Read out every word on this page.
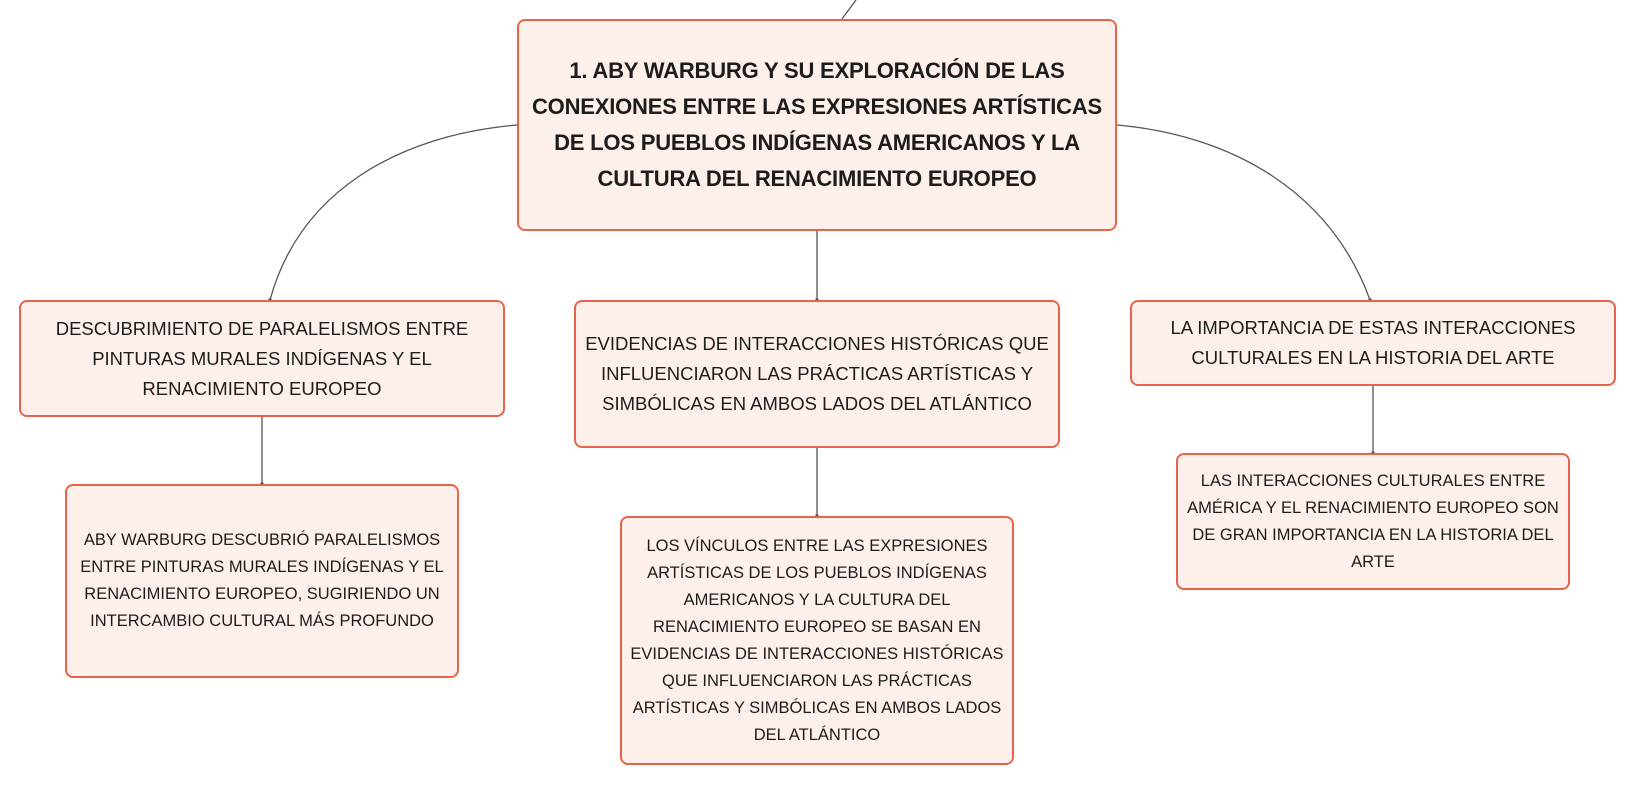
1. ABY WARBURG Y SU EXPLORACIÓN DE LAS CONEXIONES ENTRE LAS EXPRESIONES ARTÍSTICAS DE LOS PUEBLOS INDÍGENAS AMERICANOS Y LA CULTURA DEL RENACIMIENTO EUROPEO
DESCUBRIMIENTO DE PARALELISMOS ENTRE PINTURAS MURALES INDÍGENAS Y EL RENACIMIENTO EUROPEO
EVIDENCIAS DE INTERACCIONES HISTÓRICAS QUE INFLUENCIARON LAS PRÁCTICAS ARTÍSTICAS Y SIMBÓLICAS EN AMBOS LADOS DEL ATLÁNTICO
LA IMPORTANCIA DE ESTAS INTERACCIONES CULTURALES EN LA HISTORIA DEL ARTE
ABY WARBURG DESCUBRIÓ PARALELISMOS ENTRE PINTURAS MURALES INDÍGENAS Y EL RENACIMIENTO EUROPEO, SUGIRIENDO UN INTERCAMBIO CULTURAL MÁS PROFUNDO
LOS VÍNCULOS ENTRE LAS EXPRESIONES ARTÍSTICAS DE LOS PUEBLOS INDÍGENAS AMERICANOS Y LA CULTURA DEL RENACIMIENTO EUROPEO SE BASAN EN EVIDENCIAS DE INTERACCIONES HISTÓRICAS QUE INFLUENCIARON LAS PRÁCTICAS ARTÍSTICAS Y SIMBÓLICAS EN AMBOS LADOS DEL ATLÁNTICO
LAS INTERACCIONES CULTURALES ENTRE AMÉRICA Y EL RENACIMIENTO EUROPEO SON DE GRAN IMPORTANCIA EN LA HISTORIA DEL ARTE
